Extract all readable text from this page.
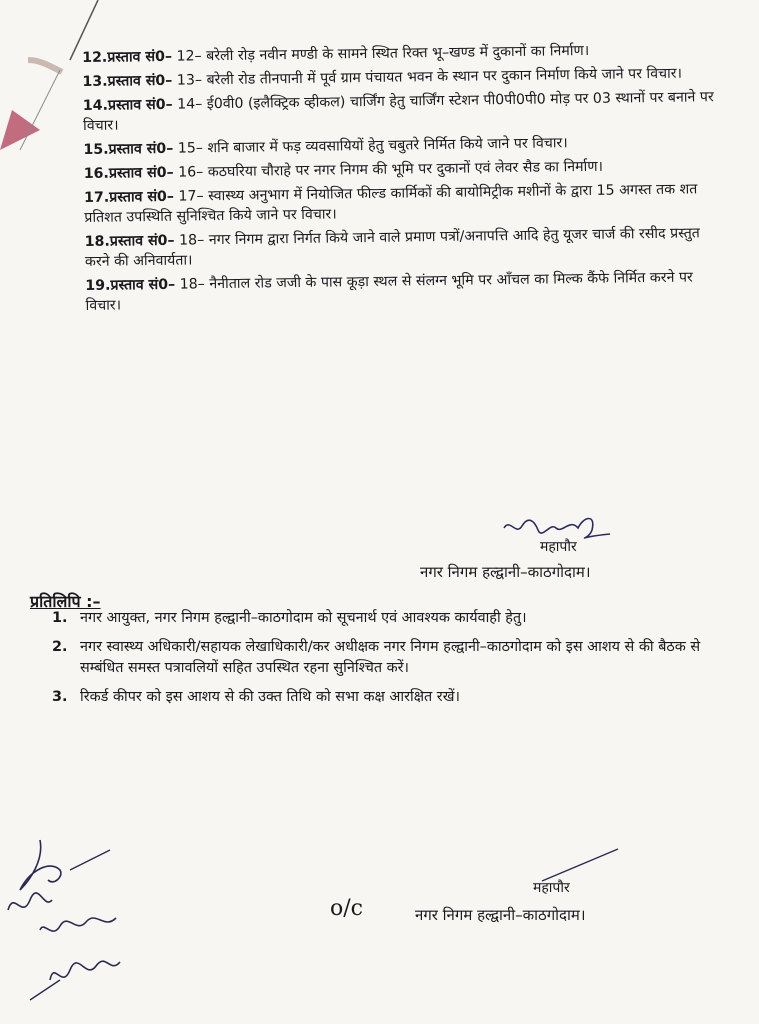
12.प्रस्ताव सं0– 12– बरेली रोड़ नवीन मण्डी के सामने स्थित रिक्त भू–खण्ड में दुकानों का निर्माण।
13.प्रस्ताव सं0– 13– बरेली रोड तीनपानी में पूर्व ग्राम पंचायत भवन के स्थान पर दुकान निर्माण किये जाने पर विचार।
14.प्रस्ताव सं0– 14– ई0वी0 (इलैक्ट्रिक व्हीकल) चार्जिंग हेतु चार्जिंग स्टेशन पी0पी0पी0 मोड़ पर 03 स्थानों पर बनाने पर विचार।
15.प्रस्ताव सं0– 15– शनि बाजार में फड़ व्यवसायियों हेतु चबुतरे निर्मित किये जाने पर विचार।
16.प्रस्ताव सं0– 16– कठघरिया चौराहे पर नगर निगम की भूमि पर दुकानों एवं लेवर सैड का निर्माण।
17.प्रस्ताव सं0– 17– स्वास्थ्य अनुभाग में नियोजित फील्ड कार्मिकों की बायोमिट्रीक मशीनों के द्वारा 15 अगस्त तक शत प्रतिशत उपस्थिति सुनिश्चित किये जाने पर विचार।
18.प्रस्ताव सं0– 18– नगर निगम द्वारा निर्गत किये जाने वाले प्रमाण पत्रों/अनापत्ति आदि हेतु यूजर चार्ज की रसीद प्रस्तुत करने की अनिवार्यता।
19.प्रस्ताव सं0– 18– नैनीताल रोड जजी के पास कूड़ा स्थल से संलग्न भूमि पर आँचल का मिल्क कैंफे निर्मित करने पर विचार।
महापौर
नगर निगम हल्द्वानी–काठगोदाम।
प्रतिलिपि :–
1. नगर आयुक्त, नगर निगम हल्द्वानी–काठगोदाम को सूचनार्थ एवं आवश्यक कार्यवाही हेतु।
2. नगर स्वास्थ्य अधिकारी/सहायक लेखाधिकारी/कर अधीक्षक नगर निगम हल्द्वानी–काठगोदाम को इस आशय से की बैठक से सम्बंधित समस्त पत्रावलियों सहित उपस्थित रहना सुनिश्चित करें।
3. रिकर्ड कीपर को इस आशय से की उक्त तिथि को सभा कक्ष आरक्षित रखें।
o/c
महापौर
नगर निगम हल्द्वानी–काठगोदाम।
